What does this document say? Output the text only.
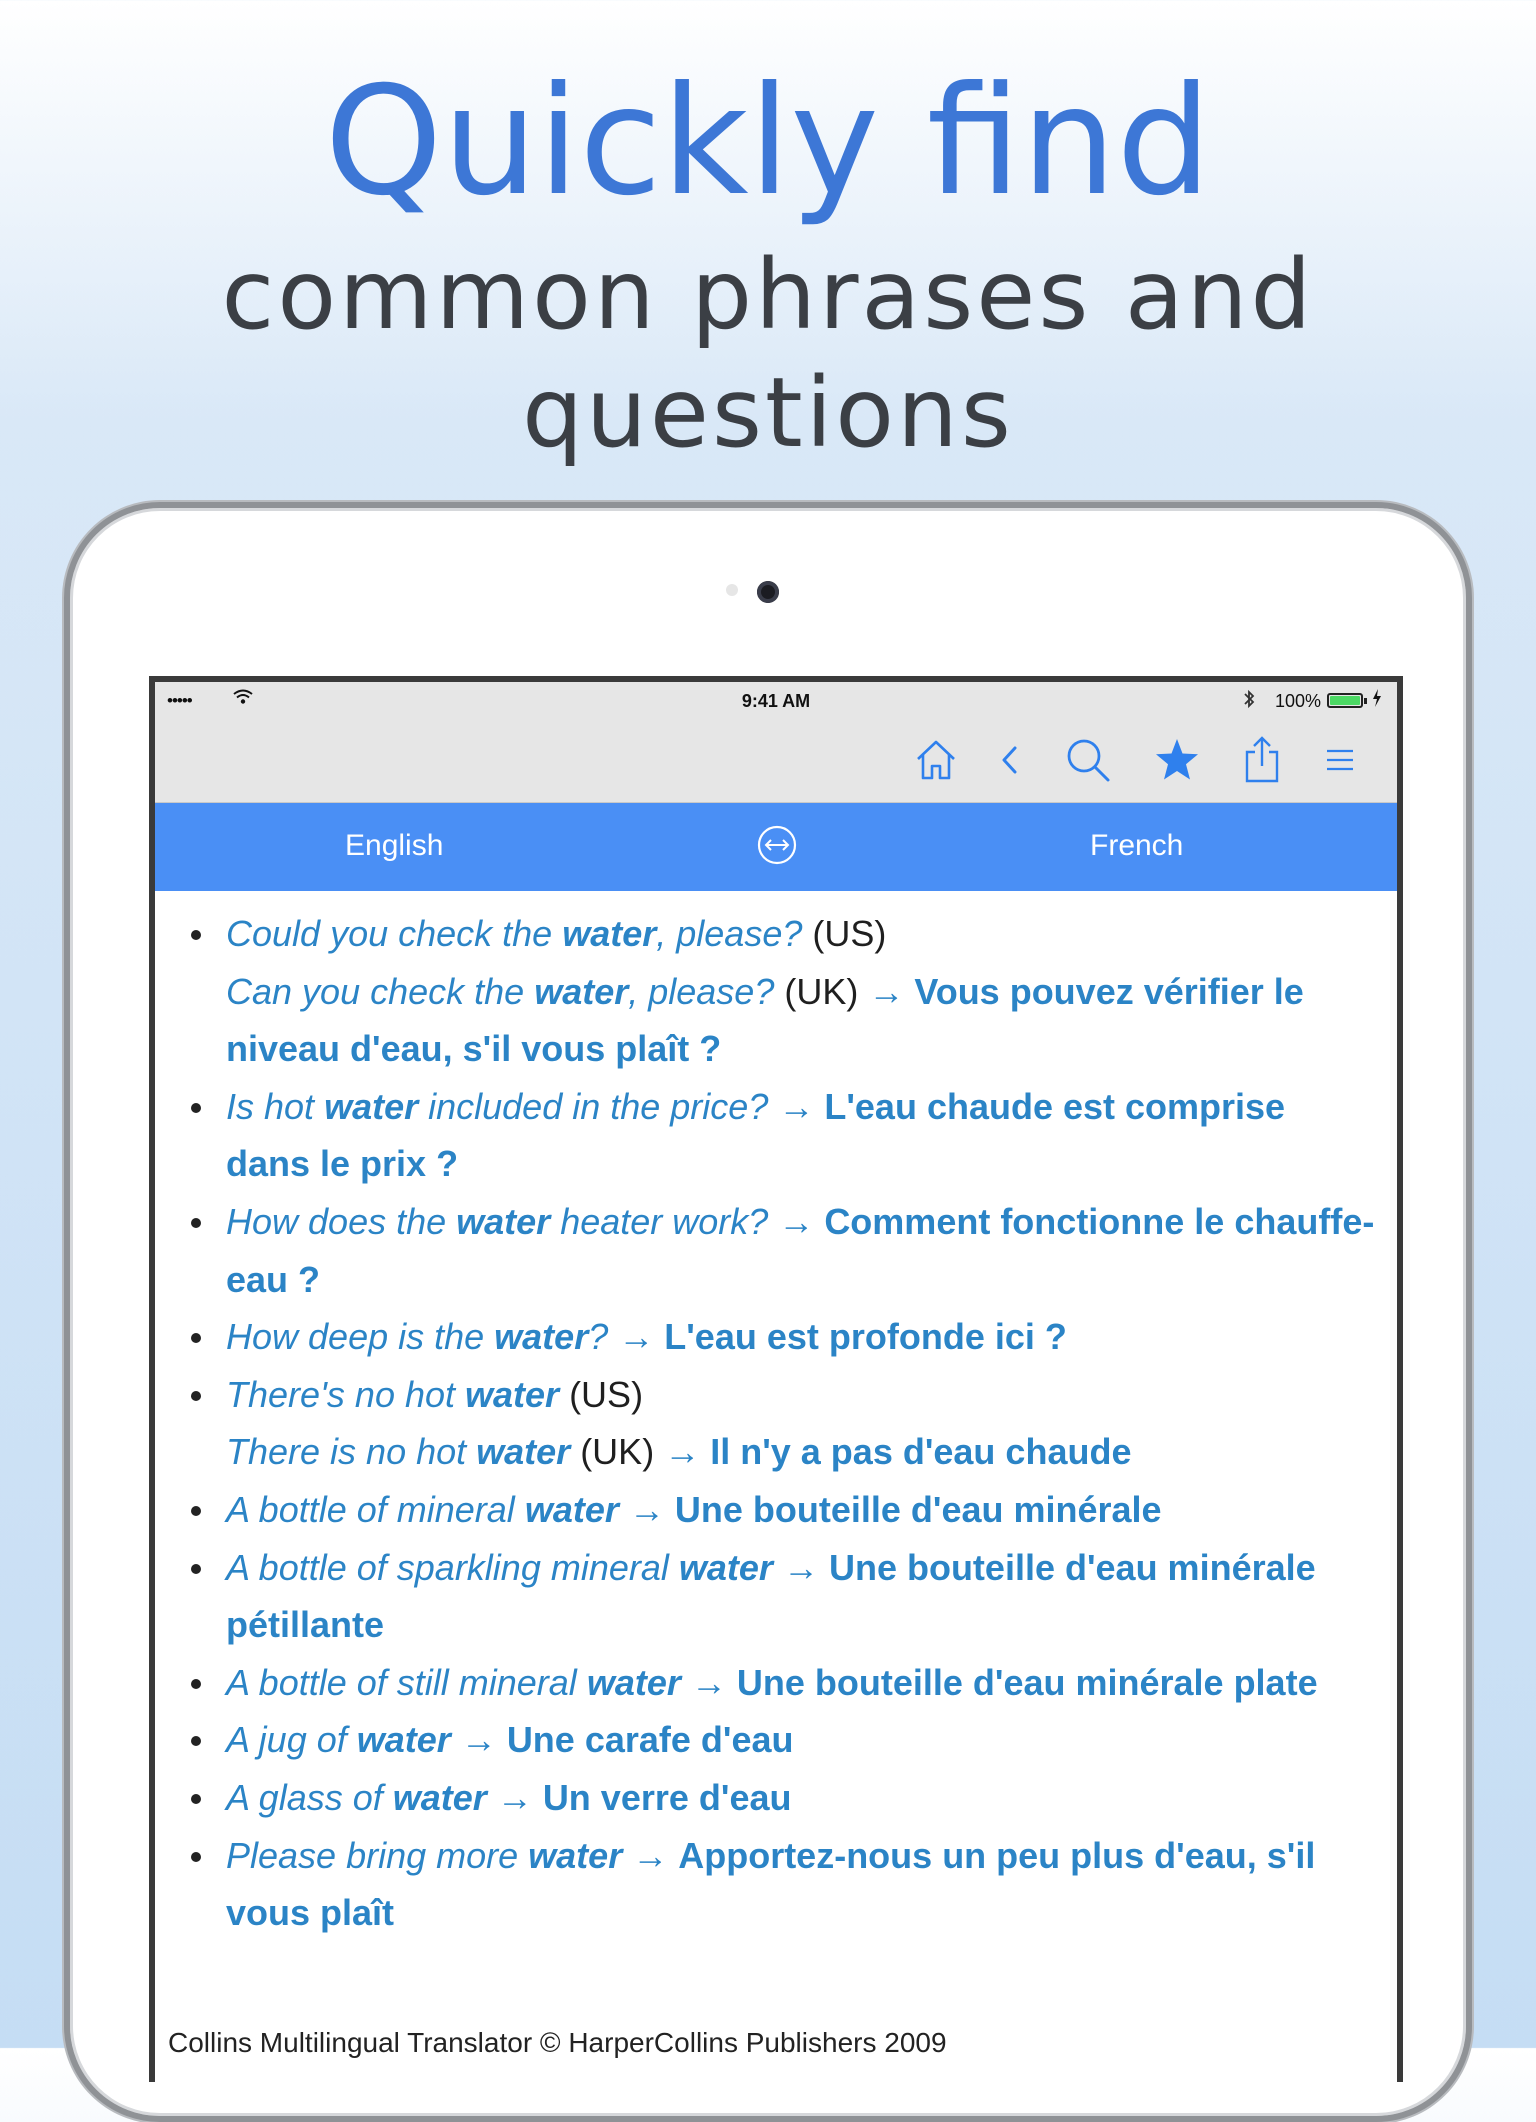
Quickly find
common phrases and
questions
•••••	9:41 AM	100%
English	French
Could you check the water, please? (US)
Can you check the water, please? (UK) → Vous pouvez vérifier le niveau d'eau, s'il vous plaît ?
Is hot water included in the price? → L'eau chaude est comprise dans le prix ?
How does the water heater work? → Comment fonctionne le chauffe-eau ?
How deep is the water? → L'eau est profonde ici ?
There's no hot water (US)
There is no hot water (UK) → Il n'y a pas d'eau chaude
A bottle of mineral water → Une bouteille d'eau minérale
A bottle of sparkling mineral water → Une bouteille d'eau minérale pétillante
A bottle of still mineral water → Une bouteille d'eau minérale plate
A jug of water → Une carafe d'eau
A glass of water → Un verre d'eau
Please bring more water → Apportez-nous un peu plus d'eau, s'il vous plaît
Collins Multilingual Translator © HarperCollins Publishers 2009
